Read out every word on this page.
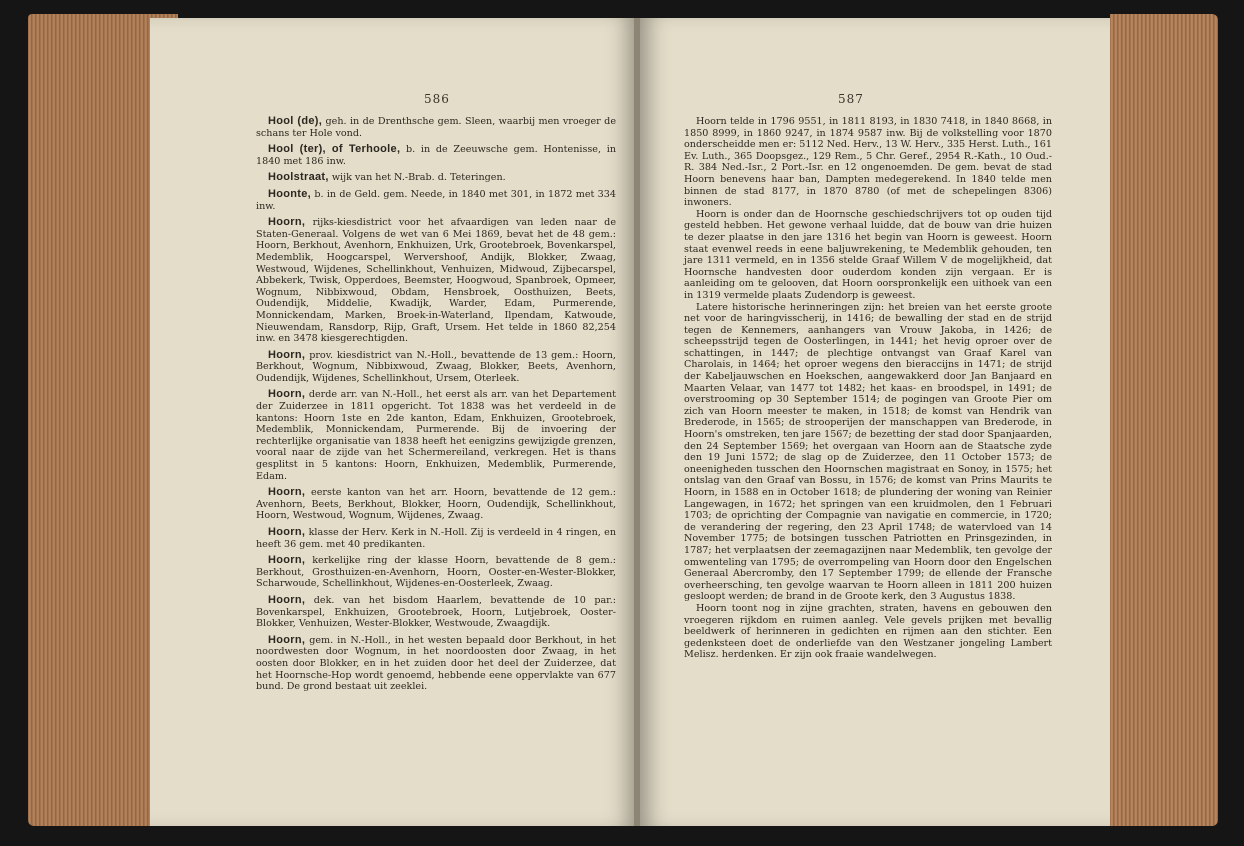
586

Hool (de), geh. in de Drenthsche gem. Sleen, waarbij men vroeger de schans ter Hole vond.

Hool (ter), of Terhoole, b. in de Zeeuwsche gem. Hontenisse, in 1840 met 186 inw.

Hoolstraat, wijk van het N.-Brab. d. Teteringen.

Hoonte, b. in de Geld. gem. Neede, in 1840 met 301, in 1872 met 334 inw.

Hoorn, rijks-kiesdistrict voor het afvaardigen van leden naar de Staten-Generaal. Volgens de wet van 6 Mei 1869, bevat het de 48 gem.: Hoorn, Berkhout, Avenhorn, Enkhuizen, Urk, Grootebroek, Bovenkarspel, Medemblik, Hoogcarspel, Wervershoof, Andijk, Blokker, Zwaag, Westwoud, Wijdenes, Schellinkhout, Venhuizen, Midwoud, Zijbecarspel, Abbekerk, Twisk, Opperdoes, Beemster, Hoogwoud, Spanbroek, Opmeer, Wognum, Nibbixwoud, Obdam, Hensbroek, Oosthuizen, Beets, Oudendijk, Middelie, Kwadijk, Warder, Edam, Purmerende, Monnickendam, Marken, Broek-in-Waterland, Ilpendam, Katwoude, Nieuwendam, Ransdorp, Rijp, Graft, Ursem. Het telde in 1860 82,254 inw. en 3478 kiesgerechtigden.

Hoorn, prov. kiesdistrict van N.-Holl., bevattende de 13 gem.: Hoorn, Berkhout, Wognum, Nibbixwoud, Zwaag, Blokker, Beets, Avenhorn, Oudendijk, Wijdenes, Schellinkhout, Ursem, Oterleek.

Hoorn, derde arr. van N.-Holl., het eerst als arr. van het Departement der Zuiderzee in 1811 opgericht. Tot 1838 was het verdeeld in de kantons: Hoorn 1ste en 2de kanton, Edam, Enkhuizen, Grootebroek, Medemblik, Monnickendam, Purmerende. Bij de invoering der rechterlijke organisatie van 1838 heeft het eenigzins gewijzigde grenzen, vooral naar de zijde van het Schermereiland, verkregen. Het is thans gesplitst in 5 kantons: Hoorn, Enkhuizen, Medemblik, Purmerende, Edam.

Hoorn, eerste kanton van het arr. Hoorn, bevattende de 12 gem.: Avenhorn, Beets, Berkhout, Blokker, Hoorn, Oudendijk, Schellinkhout, Hoorn, Westwoud, Wognum, Wijdenes, Zwaag.

Hoorn, klasse der Herv. Kerk in N.-Holl. Zij is verdeeld in 4 ringen, en heeft 36 gem. met 40 predikanten.

Hoorn, kerkelijke ring der klasse Hoorn, bevattende de 8 gem.: Berkhout, Grosthuizen-en-Avenhorn, Hoorn, Ooster-en-Wester-Blokker, Scharwoude, Schellinkhout, Wijdenes-en-Oosterleek, Zwaag.

Hoorn, dek. van het bisdom Haarlem, bevattende de 10 par.: Bovenkarspel, Enkhuizen, Grootebroek, Hoorn, Lutjebroek, Ooster-Blokker, Venhuizen, Wester-Blokker, Westwoude, Zwaagdijk.

Hoorn, gem. in N.-Holl., in het westen bepaald door Berkhout, in het noordwesten door Wognum, in het noordoosten door Zwaag, in het oosten door Blokker, en in het zuiden door het deel der Zuiderzee, dat het Hoornsche-Hop wordt genoemd, hebbende eene oppervlakte van 677 bund. De grond bestaat uit zeeklei.

587

Hoorn telde in 1796 9551, in 1811 8193, in 1830 7418, in 1840 8668, in 1850 8999, in 1860 9247, in 1874 9587 inw. Bij de volkstelling voor 1870 onderscheidde men er: 5112 Ned. Herv., 13 W. Herv., 335 Herst. Luth., 161 Ev. Luth., 365 Doopsgez., 129 Rem., 5 Chr. Geref., 2954 R.-Kath., 10 Oud.-R. 384 Ned.-Isr., 2 Port.-Isr. en 12 ongenoemden. De gem. bevat de stad Hoorn benevens haar ban, Dampten medegerekend. In 1840 telde men binnen de stad 8177, in 1870 8780 (of met de schepelingen 8306) inwoners.

Hoorn is onder dan de Hoornsche geschiedschrijvers tot op ouden tijd gesteld hebben. Het gewone verhaal luidde, dat de bouw van drie huizen te dezer plaatse in den jare 1316 het begin van Hoorn is geweest. Hoorn staat evenwel reeds in eene baljuwrekening, te Medemblik gehouden, ten jare 1311 vermeld, en in 1356 stelde Graaf Willem V de mogelijkheid, dat Hoornsche handvesten door ouderdom konden zijn vergaan. Er is aanleiding om te gelooven, dat Hoorn oorspronkelijk een uithoek van een in 1319 vermelde plaats Zudendorp is geweest.

Latere historische herinneringen zijn: het breien van het eerste groote net voor de haringvisscherij, in 1416; de bewalling der stad en de strijd tegen de Kennemers, aanhangers van Vrouw Jakoba, in 1426; de scheepsstrijd tegen de Oosterlingen, in 1441; het hevig oproer over de schattingen, in 1447; de plechtige ontvangst van Graaf Karel van Charolais, in 1464; het oproer wegens den bieraccijns in 1471; de strijd der Kabeljauwschen en Hoekschen, aangewakkerd door Jan Banjaard en Maarten Velaar, van 1477 tot 1482; het kaas- en broodspel, in 1491; de overstrooming op 30 September 1514; de pogingen van Groote Pier om zich van Hoorn meester te maken, in 1518; de komst van Hendrik van Brederode, in 1565; de strooperijen der manschappen van Brederode, in Hoorn's omstreken, ten jare 1567; de bezetting der stad door Spanjaarden, den 24 September 1569; het overgaan van Hoorn aan de Staatsche zyde den 19 Juni 1572; de slag op de Zuiderzee, den 11 October 1573; de oneenigheden tusschen den Hoornschen magistraat en Sonoy, in 1575; het ontslag van den Graaf van Bossu, in 1576; de komst van Prins Maurits te Hoorn, in 1588 en in October 1618; de plundering der woning van Reinier Langewagen, in 1672; het springen van een kruidmolen, den 1 Februari 1703; de oprichting der Compagnie van navigatie en commercie, in 1720; de verandering der regering, den 23 April 1748; de watervloed van 14 November 1775; de botsingen tusschen Patriotten en Prinsgezinden, in 1787; het verplaatsen der zeemagazijnen naar Medemblik, ten gevolge der omwenteling van 1795; de overrompeling van Hoorn door den Engelschen Generaal Abercromby, den 17 September 1799; de ellende der Fransche overheersching, ten gevolge waarvan te Hoorn alleen in 1811 200 huizen gesloopt werden; de brand in de Groote kerk, den 3 Augustus 1838.

Hoorn toont nog in zijne grachten, straten, havens en gebouwen den vroegeren rijkdom en ruimen aanleg. Vele gevels prijken met bevallig beeldwerk of herinneren in gedichten en rijmen aan den stichter. Een gedenksteen doet de onderliefde van den Westzaner jongeling Lambert Melisz. herdenken. Er zijn ook fraaie wandelwegen.
